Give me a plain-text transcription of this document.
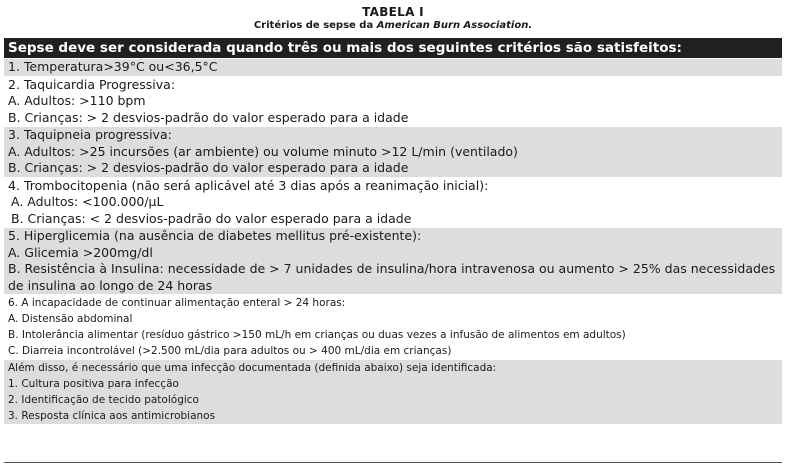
TABELA I
Critérios de sepse da American Burn Association.
Sepse deve ser considerada quando três ou mais dos seguintes critérios são satisfeitos:
1. Temperatura>39°C ou<36,5°C
2. Taquicardia Progressiva:
A. Adultos: >110 bpm
B. Crianças: > 2 desvios-padrão do valor esperado para a idade
3. Taquipneia progressiva:
A. Adultos: >25 incursões (ar ambiente) ou volume minuto >12 L/min (ventilado)
B. Crianças: > 2 desvios-padrão do valor esperado para a idade
4. Trombocitopenia (não será aplicável até 3 dias após a reanimação inicial):
A. Adultos: <100.000/µL
B. Crianças: < 2 desvios-padrão do valor esperado para a idade
5. Hiperglicemia (na ausência de diabetes mellitus pré-existente):
A. Glicemia >200mg/dl
B. Resistência à Insulina: necessidade de > 7 unidades de insulina/hora intravenosa ou aumento > 25% das necessidades de insulina ao longo de 24 horas
6. A incapacidade de continuar alimentação enteral > 24 horas:
A. Distensão abdominal
B. Intolerância alimentar (resíduo gástrico >150 mL/h em crianças ou duas vezes a infusão de alimentos em adultos)
C. Diarreia incontrolável (>2.500 mL/dia para adultos ou > 400 mL/dia em crianças)
Além disso, é necessário que uma infecção documentada (definida abaixo) seja identificada:
1. Cultura positiva para infecção
2. Identificação de tecido patológico
3. Resposta clínica aos antimicrobianos
